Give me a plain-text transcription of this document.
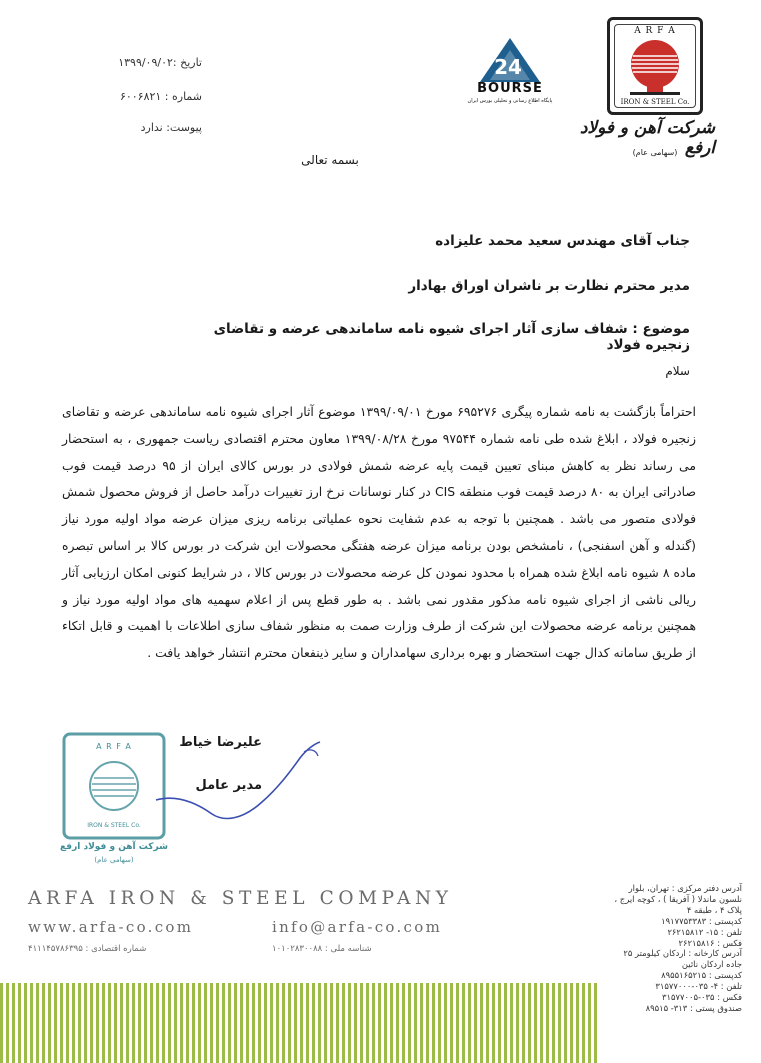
A R F A
IRON & STEEL Co.
شرکت آهن و فولاد ارفع
(سهامی عام)
24
BOURSE
پایگاه اطلاع رسانی و تحلیلی بورس ایران
تاریخ :۱۳۹۹/۰۹/۰۲
شماره : ۶۰۰۶۸۲۱
پیوست: ندارد
بسمه تعالی
جناب آقای مهندس سعید محمد علیزاده
مدیر محترم نظارت بر ناشران اوراق بهادار
موضوع : شفاف سازی آثار اجرای شیوه نامه ساماندهی عرضه و تقاضای زنجیره فولاد
سلام
احتراماً بازگشت به نامه شماره پیگری ۶۹۵۲۷۶ مورخ ۱۳۹۹/۰۹/۰۱ موضوع آثار اجرای شیوه نامه ساماندهی عرضه و تقاضای زنجیره فولاد ، ابلاغ شده طی نامه شماره ۹۷۵۴۴ مورخ ۱۳۹۹/۰۸/۲۸ معاون محترم اقتصادی ریاست جمهوری ، به استحضار می رساند نظر به کاهش مبنای تعیین قیمت پایه عرضه شمش فولادی در بورس کالای ایران از ۹۵ درصد قیمت فوب صادراتی ایران به ۸۰ درصد قیمت فوب منطقه CIS در کنار نوسانات نرخ ارز تغییرات درآمد حاصل از فروش محصول شمش فولادی متصور می باشد . همچنین با توجه به عدم شفایت نحوه عملیاتی برنامه ریزی میزان عرضه مواد اولیه مورد نیاز (گندله و آهن اسفنجی) ، نامشخص بودن برنامه میزان عرضه هفتگی محصولات این شرکت در بورس کالا بر اساس تبصره ماده ۸ شیوه نامه ابلاغ شده همراه با محدود نمودن کل عرضه محصولات در بورس کالا ، در شرایط کنونی امکان ارزیابی آثار ریالی ناشی از اجرای شیوه نامه مذکور مقدور نمی باشد . به طور قطع پس از اعلام سهمیه های مواد اولیه مورد نیاز و همچنین برنامه عرضه محصولات این شرکت از طرف وزارت صمت به منظور شفاف سازی اطلاعات با اهمیت و قابل اتکاء از طریق سامانه کدال جهت استحضار و بهره برداری سهامداران و سایر ذینفعان محترم انتشار خواهد یافت .
A R F A
IRON & STEEL Co.
شرکت آهن و فولاد ارفع
(سهامی عام)
علیرضا خیاط
مدیر عامل
ARFA IRON & STEEL COMPANY
www.arfa-co.com	info@arfa-co.com
شماره اقتصادی : ۴۱۱۱۴۵۷۸۶۳۹۵	شناسه ملی : ۱۰۱۰۲۸۳۰۰۸۸
آدرس دفتر مرکزی : تهران، بلوار
نلسون ماندلا ( آفریقا ) ، کوچه ایرج ،
پلاک ۴ ، طبقه ۴
کدپستی : ۱۹۱۷۷۵۳۳۸۳
تلفن : ۱۵- ۲۶۲۱۵۸۱۲
فکس : ۲۶۲۱۵۸۱۶
آدرس کارخانه : اردکان کیلومتر ۲۵
جاده اردکان نائین
کدپستی : ۸۹۵۵۱۶۵۲۱۵
تلفن : ۴- ۰۳۵-۳۱۵۷۷۰۰۰
فکس : ۰۳۵-۳۱۵۷۷۰۰۵
صندوق پستی : ۳۱۳- ۸۹۵۱۵
